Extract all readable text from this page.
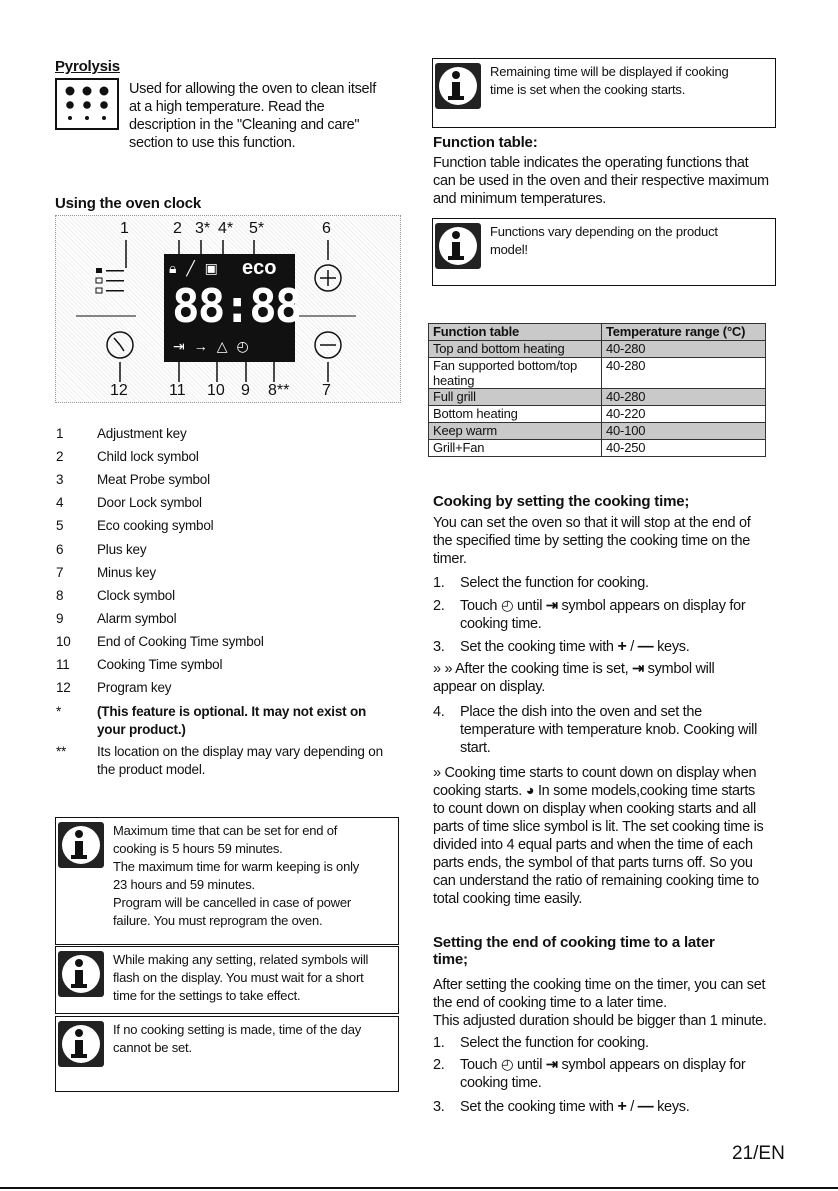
Pyrolysis
Used for allowing the oven to clean itself at a high temperature. Read the description in the "Cleaning and care" section to use this function.
Using the oven clock
1	2 3* 4* 5*	6
12	11 10 9 8** 7
🔒︎ ╱ ▣ eco
88:88
⇥→△◴
1 Adjustment key
2 Child lock symbol
3 Meat Probe symbol
4 Door Lock symbol
5 Eco cooking symbol
6 Plus key
7 Minus key
8 Clock symbol
9 Alarm symbol
10 End of Cooking Time symbol
11 Cooking Time symbol
12 Program key
*	(This feature is optional. It may not exist on
your product.)
** Its location on the display may vary depending on
the product model.
Maximum time that can be set for end of
cooking is 5 hours 59 minutes.
The maximum time for warm keeping is only
23 hours and 59 minutes.
Program will be cancelled in case of power
failure. You must reprogram the oven.
While making any setting, related symbols will
flash on the display. You must wait for a short
time for the settings to take effect.
If no cooking setting is made, time of the day
cannot be set.
Remaining time will be displayed if cooking
time is set when the cooking starts.
Function table:
Function table indicates the operating functions that
can be used in the oven and their respective maximum
and minimum temperatures.
Functions vary depending on the product
model!
Function table	Temperature range (°C)
Top and bottom heating	40-280
Fan supported bottom/top heating	40-280
Full grill	40-280
Bottom heating	40-220
Keep warm	40-100
Grill+Fan	40-250
Cooking by setting the cooking time;
You can set the oven so that it will stop at the end of
the specified time by setting the cooking time on the
timer.
1.	Select the function for cooking.
2.	Touch ◴ until ⇥ symbol appears on display for
cooking time.
3.	Set the cooking time with + / — keys.
» » After the cooking time is set, ⇥ symbol will
appear on display.
4.	Place the dish into the oven and set the
temperature with temperature knob. Cooking will
start.
» Cooking time starts to count down on display when
cooking starts. ◕ In some models,cooking time starts
to count down on display when cooking starts and all
parts of time slice symbol is lit. The set cooking time is
divided into 4 equal parts and when the time of each
parts ends, the symbol of that parts turns off. So you
can understand the ratio of remaining cooking time to
total cooking time easily.
Setting the end of cooking time to a later
time;
After setting the cooking time on the timer, you can set
the end of cooking time to a later time.
This adjusted duration should be bigger than 1 minute.
1.	Select the function for cooking.
2.	Touch ◴ until ⇥ symbol appears on display for
cooking time.
3.	Set the cooking time with + / — keys.
21/EN
